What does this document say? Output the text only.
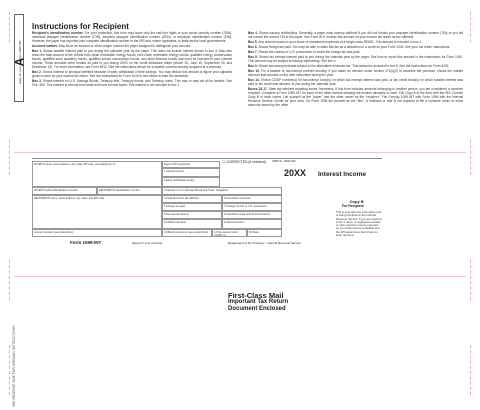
A
Keep for your records / 1099-INT
Instructions for Recipient

Recipient's identification number. For your protection, this form may show only the last four digits of your social security number (SSN), individual taxpayer identification number (ITIN), adoption taxpayer identification number (ATIN), or employer identification number (EIN). However, the payer has reported your complete identification number to the IRS and, where applicable, to state and/or local governments.

Account number. May show an account or other unique number the payer assigned to distinguish your account.

Box 1. Shows taxable interest paid to you during the calendar year by the payer. This does not include interest shown in box 3. May also show the total amount of the credits from clean renewable energy bonds, new clean renewable energy bonds, qualified energy conservation bonds, qualified zone academy bonds, qualified school construction bonds, and build America bonds that must be included in your interest income. These amounts were treated as paid to you during 20XX on the credit allowance dates (March 15, June 15, September 15, and December 15). For more information, see Form 8912. See the instructions above for a taxable covered security acquired at a premium.

Box 2. Shows interest or principal forfeited because of early withdrawal of time savings. You may deduct this amount to figure your adjusted gross income on your income tax return. See the instructions for Form 1040 to see where to take the deduction.

Box 3. Shows interest on U.S. Savings Bonds, Treasury bills, Treasury bonds, and Treasury notes. This may or may not all be taxable. See Pub. 550. This interest is exempt from state and local income taxes. This interest is not included in box 1.

Box 4. Shows backup withholding. Generally, a payer must backup withhold if you did not furnish your taxpayer identification number (TIN) or you did not furnish the correct TIN to the payer. See Form W-9. Include this amount on your income tax return as tax withheld.

Box 5. Any amount shown is your share of investment expenses of a single-class REMIC. This amount is included in box 1.

Box 6. Shows foreign tax paid. You may be able to claim this tax as a deduction or a credit on your Form 1040. See your tax return instructions.

Box 7. Shows the country or U.S. possession to which the foreign tax was paid.

Box 8. Shows tax-exempt interest paid to you during the calendar year by the payer. See how to report this amount in the instructions for Form 1040. This amount may be subject to backup withholding. See box 4.

Box 9. Shows tax-exempt interest subject to the alternative minimum tax. This amount is included in box 8. See the Instructions for Form 6251.

Box 10. For a taxable or tax-exempt covered security, if you made an election under section 171(c)(2) to amortize the premium, shows the market discount that accrued on the debt instrument during the year.

Box 14. Shows CUSIP number(s) for tax-exempt bond(s) on which tax-exempt interest was paid, or tax credit bond(s) on which taxable interest was paid or tax credit was allowed, to you during the calendar year.

Boxes 15-17. State tax withheld reporting boxes. Nominees. If this form includes amounts belonging to another person, you are considered a nominee recipient. Complete a Form 1099-INT for each of the other owners showing the income allocable to each. File Copy A of the form with the IRS. Furnish Copy B to each owner. List yourself as the "payer" and the other owner as the "recipient." File Form(s) 1099-INT with Form 1096 with the Internal Revenue Service Center for your area. On Form 1096 list yourself as the "filer." A husband or wife is not required to file a nominee return to show amounts owned by the other.

PAYER'S name, street address, city, state, ZIP code, and telephone no.	Payer's RTN (optional)
1 Interest income
2 Early withdrawal penalty
PAYER'S federal identification number	RECIPIENT'S identification number	3 Interest on U.S. Savings Bonds and Treas. obligations
RECIPIENT'S name, street address, city, state, and ZIP code	4 Federal income tax withheld	5 Investment expenses
6 Foreign tax paid	7 Foreign country or U.S. possession
8 Tax-exempt interest	9 Specified private activity bond interest
10 Market discount	11 Bond premium
Account number (see instructions)	13 Bond premium on tax-exempt bond	14 Tax-exempt bond CUSIP no.
15 State
☐ CORRECTED (if checked) OMB No. 1545-0112
20XX Interest Income
Copy B
For Recipient
This is important tax information and is being furnished to the Internal Revenue Service. If you are required to file a return, a negligence penalty or other sanction may be imposed on you if this income is taxable and the IRS determines that it has not been reported.
Form 1099-INT	(keep for your records)	Department of the Treasury - Internal Revenue Service
SEE REVERSE SIDE FOR OPENING INSTRUCTIONS
First-Class Mail
Important Tax Return
Document Enclosed
